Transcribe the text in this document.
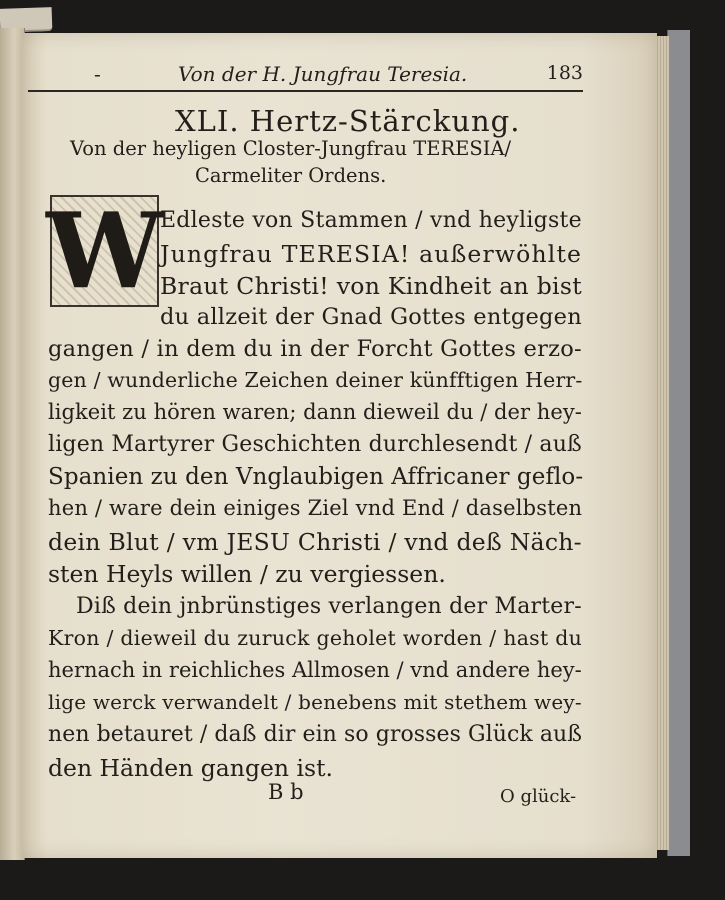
-	Von der H. Jungfrau Teresia.	183
XLI. Hertz-Stärckung.
Von der heyligen Closter-Jungfrau TERESIA/
Carmeliter Ordens.
W
Edleste von Stammen / vnd heyligste
Jungfrau TERESIA! außerwöhlte
Braut Christi! von Kindheit an bist
du allzeit der Gnad Gottes entgegen
gangen / in dem du in der Forcht Gottes erzo-
gen / wunderliche Zeichen deiner künfftigen Herr-
ligkeit zu hören waren; dann dieweil du / der hey-
ligen Martyrer Geschichten durchlesendt / auß
Spanien zu den Vnglaubigen Affricaner geflo-
hen / ware dein einiges Ziel vnd End / daselbsten
dein Blut / vm JESU Christi / vnd deß Näch-
sten Heyls willen / zu vergiessen.
Diß dein jnbrünstiges verlangen der Marter-
Kron / dieweil du zuruck geholet worden / hast du
hernach in reichliches Allmosen / vnd andere hey-
lige werck verwandelt / benebens mit stethem wey-
nen betauret / daß dir ein so grosses Glück auß
den Händen gangen ist.
B b	O glück-
